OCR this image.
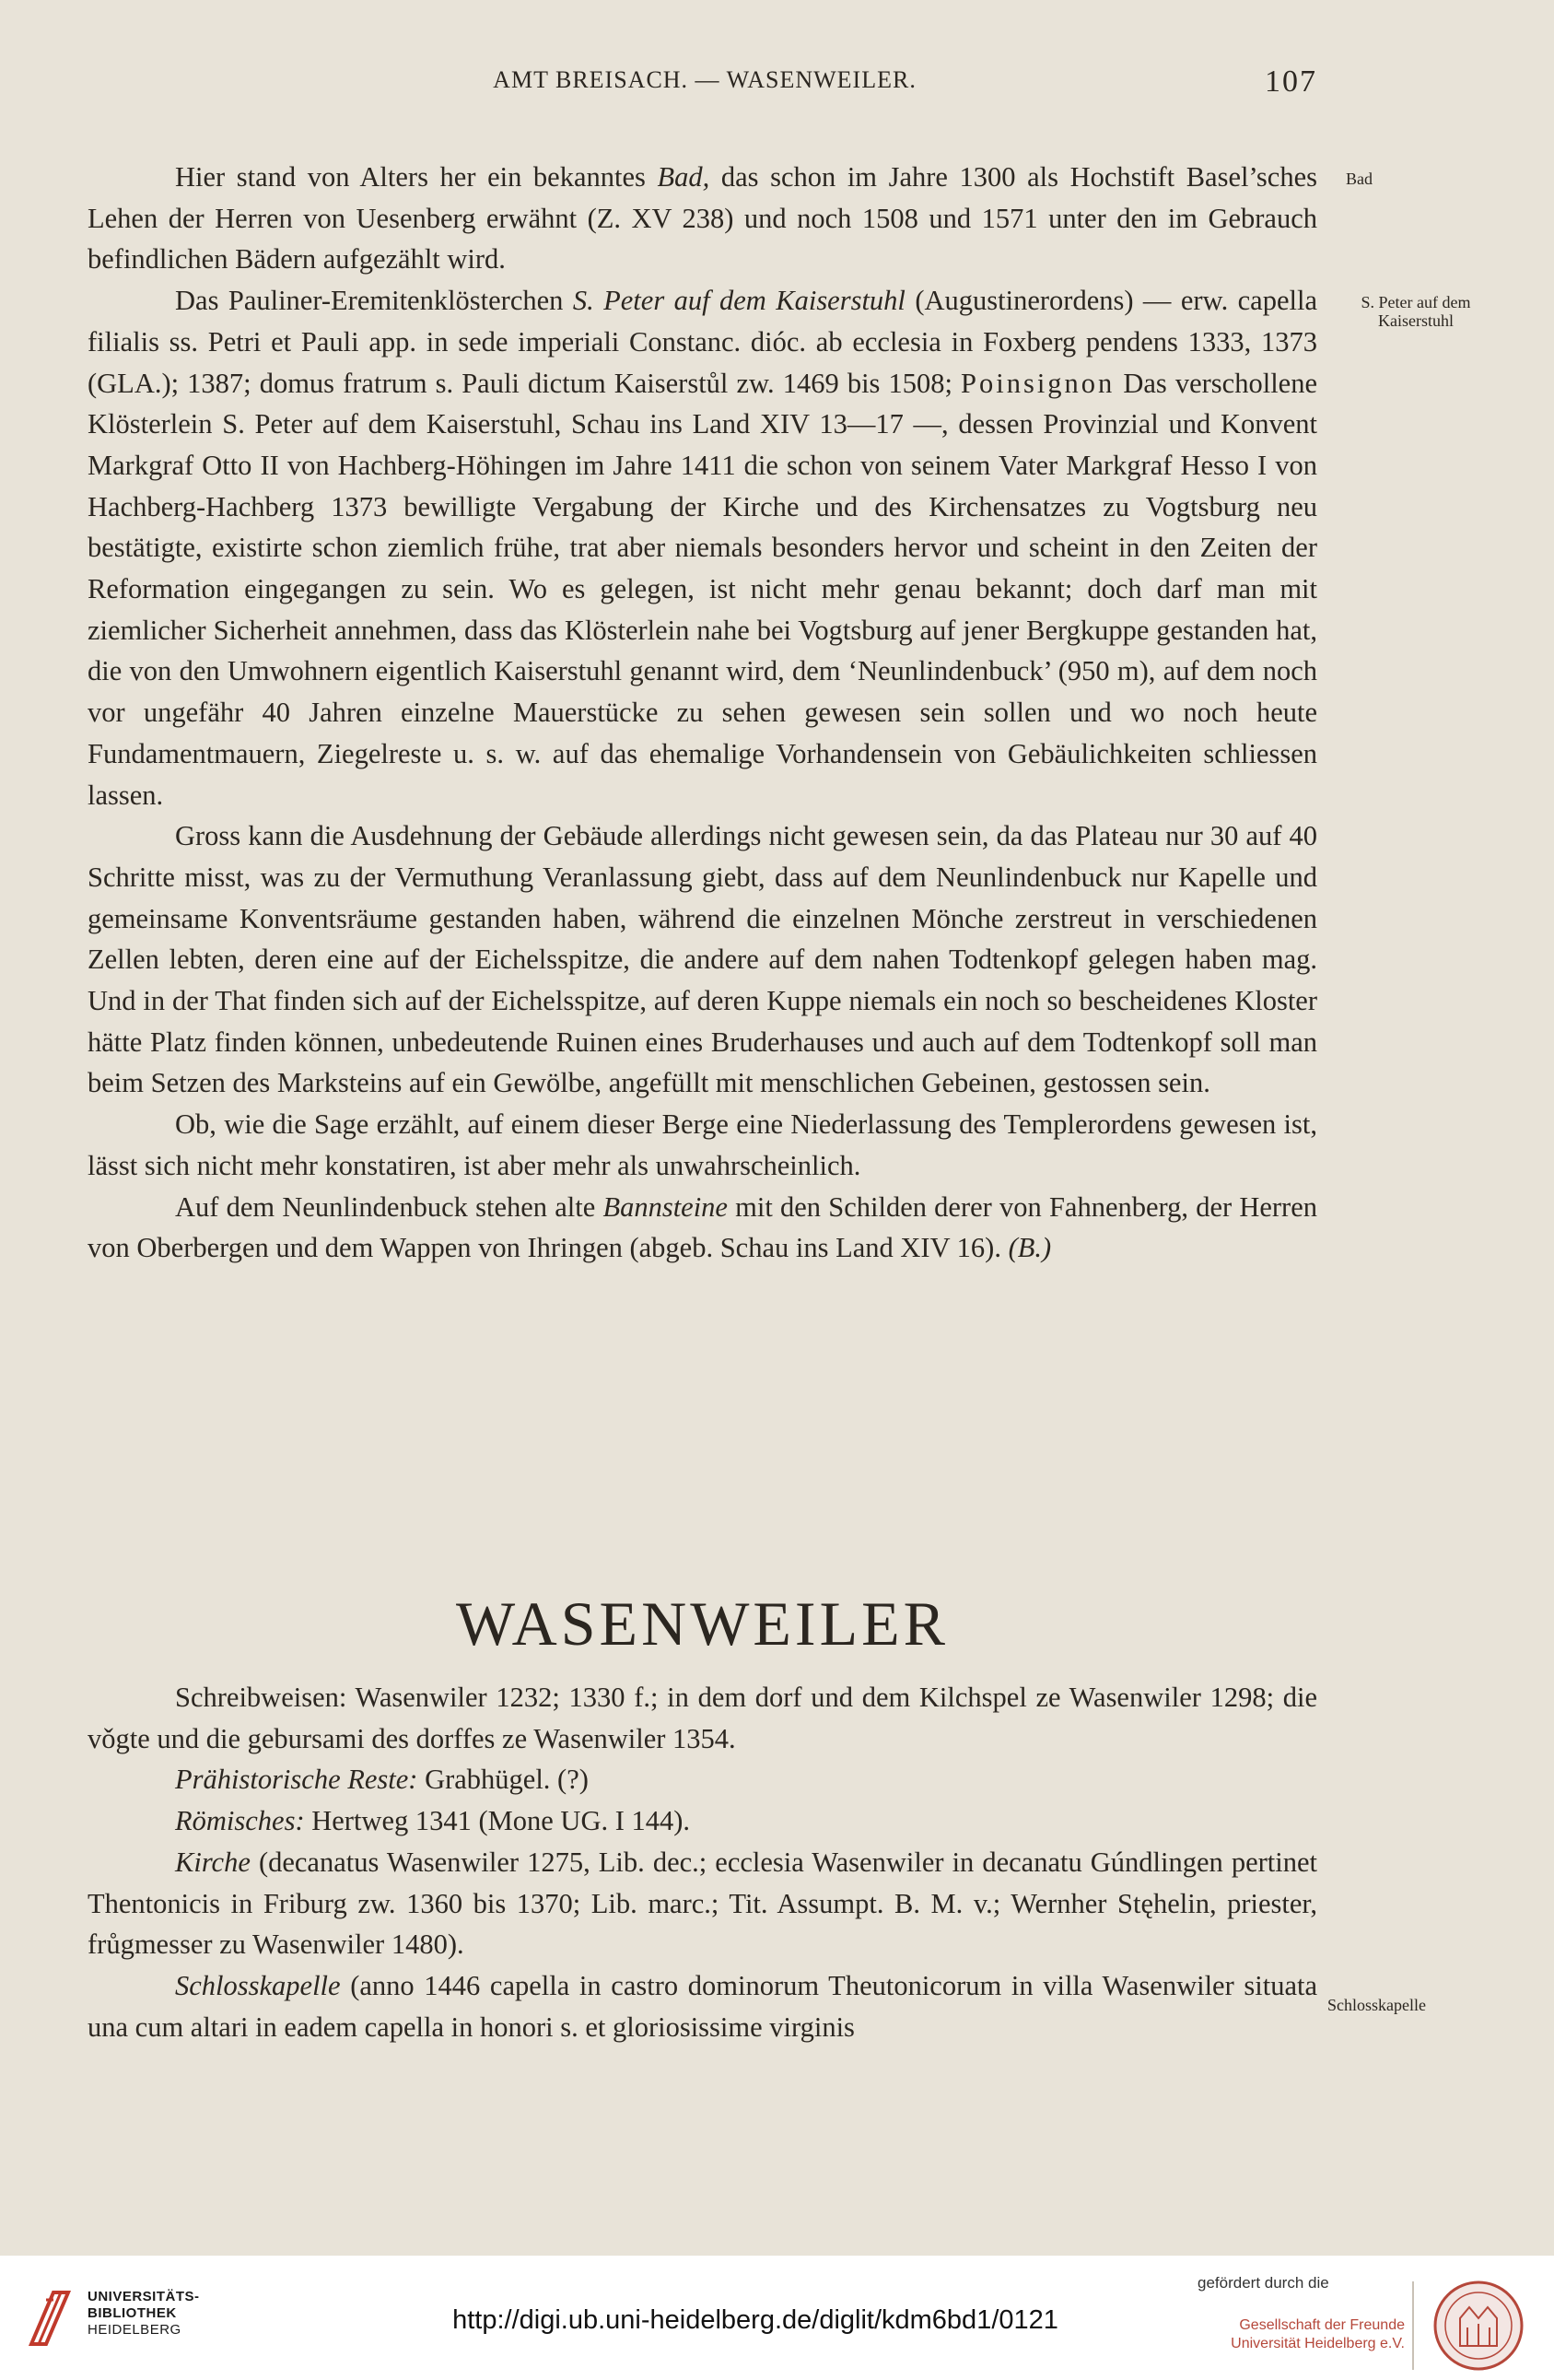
AMT BREISACH. — WASENWEILER.	107
Bad
S. Peter auf dem
Kaiserstuhl
Schlosskapelle

Hier stand von Alters her ein bekanntes Bad, das schon im Jahre 1300 als Hochstift Basel’sches Lehen der Herren von Uesenberg erwähnt (Z. XV 238) und noch 1508 und 1571 unter den im Gebrauch befindlichen Bädern aufgezählt wird.

Das Pauliner-Eremitenklösterchen S. Peter auf dem Kaiserstuhl (Augustinerordens) — erw. capella filialis ss. Petri et Pauli app. in sede imperiali Constanc. dióc. ab ecclesia in Foxberg pendens 1333, 1373 (GLA.); 1387; domus fratrum s. Pauli dictum Kaiserstůl zw. 1469 bis 1508; Poinsignon Das verschollene Klösterlein S. Peter auf dem Kaiserstuhl, Schau ins Land XIV 13—17 —, dessen Provinzial und Konvent Markgraf Otto II von Hachberg-Höhingen im Jahre 1411 die schon von seinem Vater Markgraf Hesso I von Hachberg-Hachberg 1373 bewilligte Vergabung der Kirche und des Kirchensatzes zu Vogtsburg neu bestätigte, existirte schon ziemlich frühe, trat aber niemals besonders hervor und scheint in den Zeiten der Reformation eingegangen zu sein. Wo es gelegen, ist nicht mehr genau bekannt; doch darf man mit ziemlicher Sicherheit annehmen, dass das Klösterlein nahe bei Vogtsburg auf jener Bergkuppe gestanden hat, die von den Umwohnern eigentlich Kaiserstuhl genannt wird, dem ‘Neunlindenbuck’ (950 m), auf dem noch vor ungefähr 40 Jahren einzelne Mauerstücke zu sehen gewesen sein sollen und wo noch heute Fundamentmauern, Ziegelreste u. s. w. auf das ehemalige Vorhandensein von Gebäulichkeiten schliessen lassen.

Gross kann die Ausdehnung der Gebäude allerdings nicht gewesen sein, da das Plateau nur 30 auf 40 Schritte misst, was zu der Vermuthung Veranlassung giebt, dass auf dem Neunlindenbuck nur Kapelle und gemeinsame Konventsräume gestanden haben, während die einzelnen Mönche zerstreut in verschiedenen Zellen lebten, deren eine auf der Eichelsspitze, die andere auf dem nahen Todtenkopf gelegen haben mag. Und in der That finden sich auf der Eichelsspitze, auf deren Kuppe niemals ein noch so bescheidenes Kloster hätte Platz finden können, unbedeutende Ruinen eines Bruderhauses und auch auf dem Todtenkopf soll man beim Setzen des Marksteins auf ein Gewölbe, angefüllt mit menschlichen Gebeinen, gestossen sein.

Ob, wie die Sage erzählt, auf einem dieser Berge eine Niederlassung des Templerordens gewesen ist, lässt sich nicht mehr konstatiren, ist aber mehr als unwahrscheinlich.

Auf dem Neunlindenbuck stehen alte Bannsteine mit den Schilden derer von Fahnenberg, der Herren von Oberbergen und dem Wappen von Ihringen (abgeb. Schau ins Land XIV 16). (B.)

WASENWEILER

Schreibweisen: Wasenwiler 1232; 1330 f.; in dem dorf und dem Kilchspel ze Wasenwiler 1298; die vǒgte und die gebursami des dorffes ze Wasenwiler 1354.

Prähistorische Reste: Grabhügel. (?)

Römisches: Hertweg 1341 (Mone UG. I 144).

Kirche (decanatus Wasenwiler 1275, Lib. dec.; ecclesia Wasenwiler in decanatu Gúndlingen pertinet Thentonicis in Friburg zw. 1360 bis 1370; Lib. marc.; Tit. Assumpt. B. M. v.; Wernher Stęhelin, priester, frůgmesser zu Wasenwiler 1480).

Schlosskapelle (anno 1446 capella in castro dominorum Theutonicorum in villa Wasenwiler situata una cum altari in eadem capella in honori s. et gloriosissime virginis

UNIVERSITÄTS-
BIBLIOTHEK
HEIDELBERG	http://digi.ub.uni-heidelberg.de/diglit/kdm6bd1/0121
gefördert durch die
Gesellschaft der Freunde
Universität Heidelberg e.V.
